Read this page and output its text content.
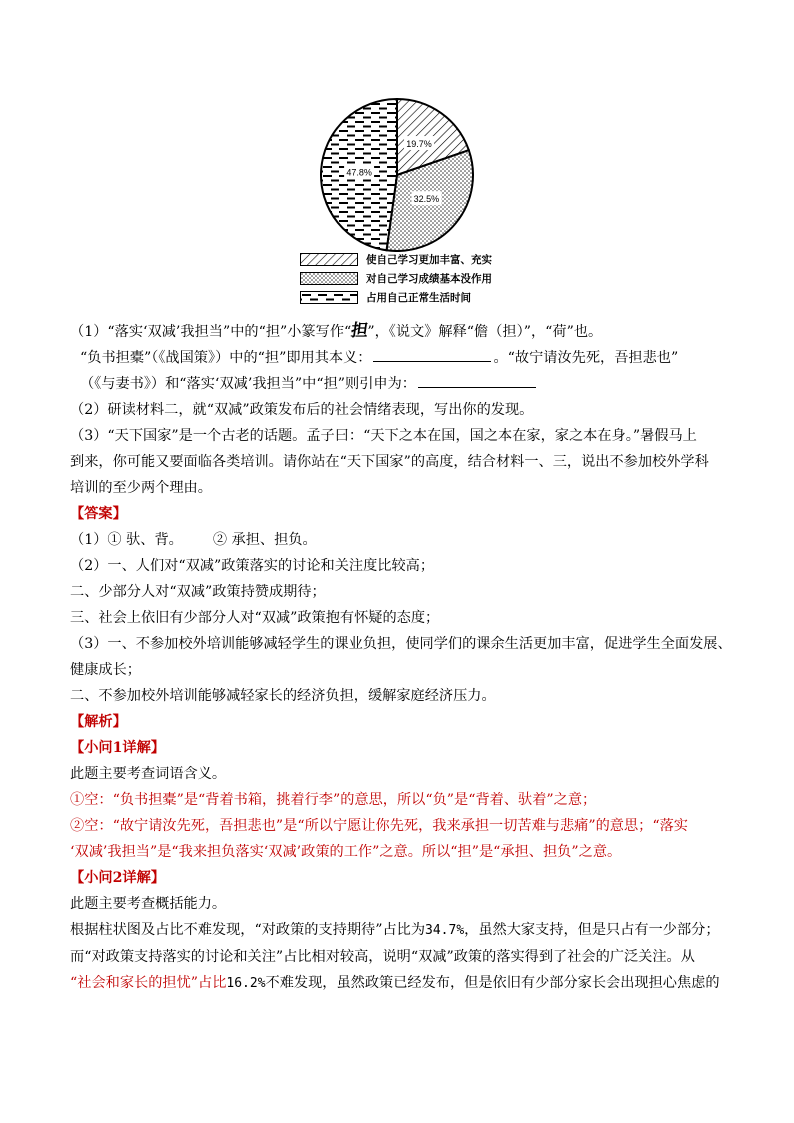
19.7%
32.5%
47.8%
使自己学习更加丰富、充实
对自己学习成绩基本没作用
占用自己正常生活时间

（1）“落实‘双减’我担当”中的“担”小篆写作“担”，《说文》解释“儋（担）”，“荷”也。

“负书担橐”（《战国策》）中的“担”即用其本义：	。“故宁请汝先死，吾担悲也”

（《与妻书》）和“落实‘双减’我担当”中“担”则引申为：

（2）研读材料二，就“双减”政策发布后的社会情绪表现，写出你的发现。

（3）“天下国家”是一个古老的话题。孟子曰：“天下之本在国，国之本在家，家之本在身。”暑假马上

到来，你可能又要面临各类培训。请你站在“天下国家”的高度，结合材料一、三，说出不参加校外学科

培训的至少两个理由。

【答案】

（1）① 驮、背。 ② 承担、担负。

（2）一、人们对“双减”政策落实的讨论和关注度比较高；

二、少部分人对“双减”政策持赞成期待；

三、社会上依旧有少部分人对“双减”政策抱有怀疑的态度；

（3）一、不参加校外培训能够减轻学生的课业负担，使同学们的课余生活更加丰富，促进学生全面发展、

健康成长；

二、不参加校外培训能够减轻家长的经济负担，缓解家庭经济压力。

【解析】

【小问1详解】

此题主要考查词语含义。

①空：“负书担橐”是“背着书箱，挑着行李”的意思，所以“负”是“背着、驮着”之意；

②空：“故宁请汝先死，吾担悲也”是“所以宁愿让你先死，我来承担一切苦难与悲痛”的意思；“落实

‘双减’我担当”是“我来担负落实‘双减’政策的工作”之意。所以“担”是“承担、担负”之意。

【小问2详解】

此题主要考查概括能力。

根据柱状图及占比不难发现，“对政策的支持期待”占比为34.7%，虽然大家支持，但是只占有一少部分；

而“对政策支持落实的讨论和关注”占比相对较高，说明“双减”政策的落实得到了社会的广泛关注。从

“社会和家长的担忧”占比16.2%不难发现，虽然政策已经发布，但是依旧有少部分家长会出现担心焦虑的
